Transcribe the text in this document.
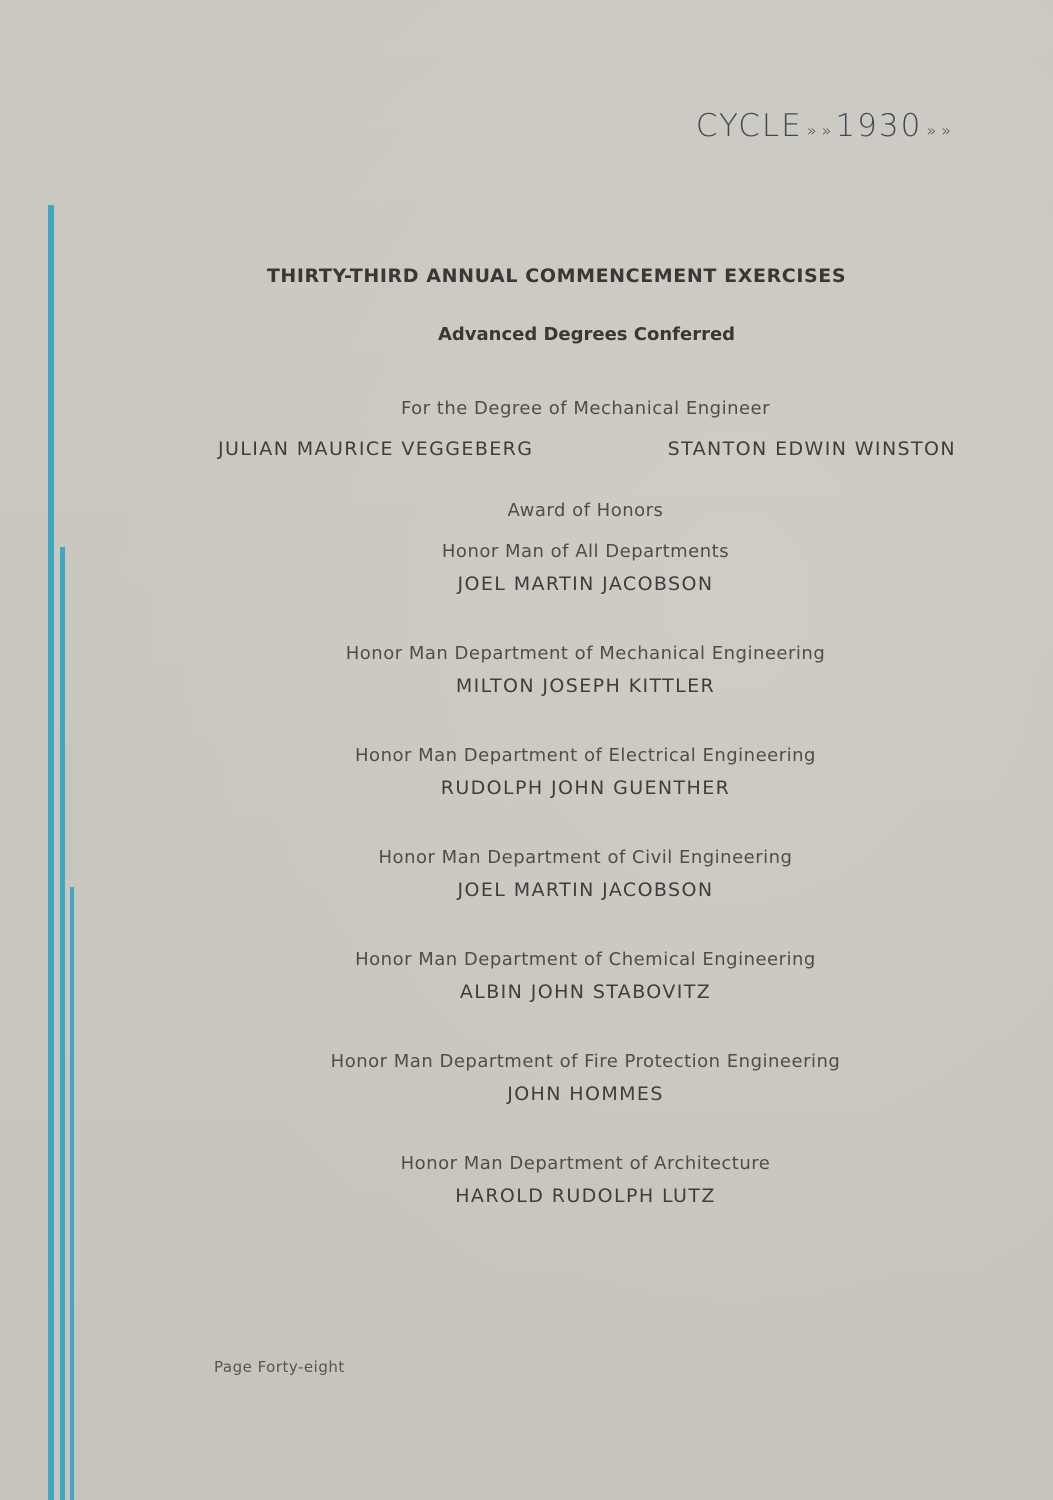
CYCLE » » 1930 » »
THIRTY-THIRD ANNUAL COMMENCEMENT EXERCISES
Advanced Degrees Conferred
For the Degree of Mechanical Engineer
JULIAN MAURICE VEGGEBERG	STANTON EDWIN WINSTON
Award of Honors
Honor Man of All Departments
JOEL MARTIN JACOBSON
Honor Man Department of Mechanical Engineering
MILTON JOSEPH KITTLER
Honor Man Department of Electrical Engineering
RUDOLPH JOHN GUENTHER
Honor Man Department of Civil Engineering
JOEL MARTIN JACOBSON
Honor Man Department of Chemical Engineering
ALBIN JOHN STABOVITZ
Honor Man Department of Fire Protection Engineering
JOHN HOMMES
Honor Man Department of Architecture
HAROLD RUDOLPH LUTZ
Page Forty-eight
